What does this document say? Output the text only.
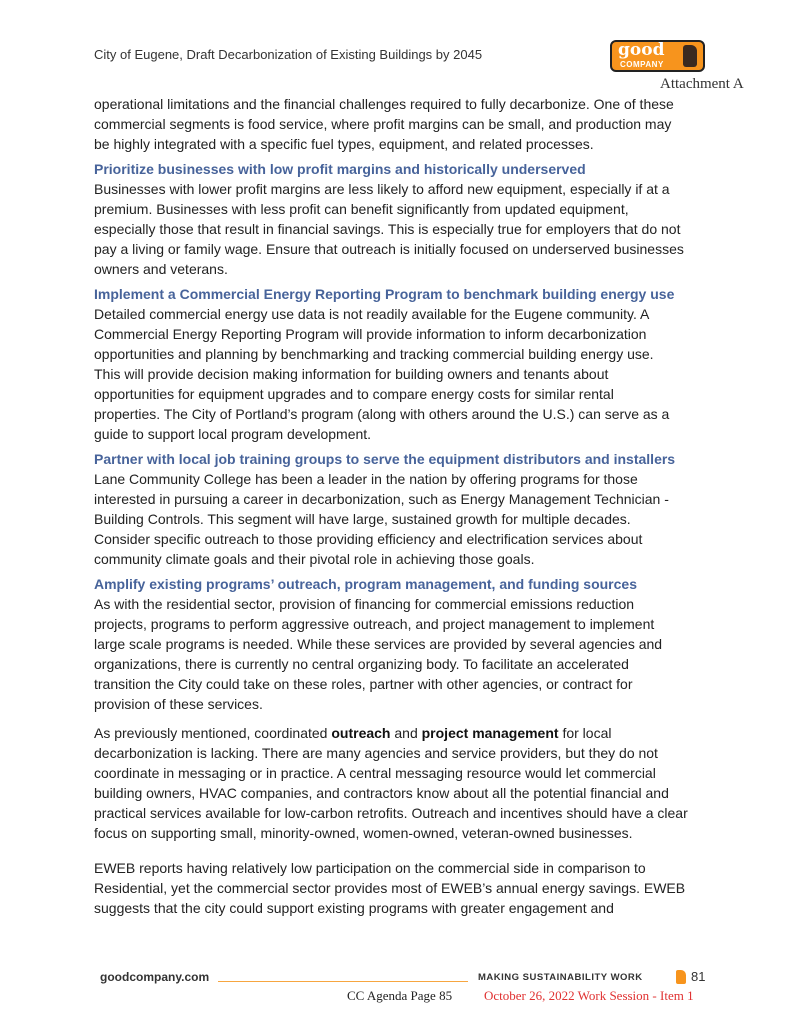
City of Eugene, Draft Decarbonization of Existing Buildings by 2045	good
COMPANY
Attachment A
operational limitations and the financial challenges required to fully decarbonize. One of these
commercial segments is food service, where profit margins can be small, and production may
be highly integrated with a specific fuel types, equipment, and related processes.
Prioritize businesses with low profit margins and historically underserved
Businesses with lower profit margins are less likely to afford new equipment, especially if at a
premium. Businesses with less profit can benefit significantly from updated equipment,
especially those that result in financial savings. This is especially true for employers that do not
pay a living or family wage. Ensure that outreach is initially focused on underserved businesses
owners and veterans.
Implement a Commercial Energy Reporting Program to benchmark building energy use
Detailed commercial energy use data is not readily available for the Eugene community. A
Commercial Energy Reporting Program will provide information to inform decarbonization
opportunities and planning by benchmarking and tracking commercial building energy use.
This will provide decision making information for building owners and tenants about
opportunities for equipment upgrades and to compare energy costs for similar rental
properties. The City of Portland’s program (along with others around the U.S.) can serve as a
guide to support local program development.
Partner with local job training groups to serve the equipment distributors and installers
Lane Community College has been a leader in the nation by offering programs for those
interested in pursuing a career in decarbonization, such as Energy Management Technician -
Building Controls. This segment will have large, sustained growth for multiple decades.
Consider specific outreach to those providing efficiency and electrification services about
community climate goals and their pivotal role in achieving those goals.
Amplify existing programs’ outreach, program management, and funding sources
As with the residential sector, provision of financing for commercial emissions reduction
projects, programs to perform aggressive outreach, and project management to implement
large scale programs is needed. While these services are provided by several agencies and
organizations, there is currently no central organizing body. To facilitate an accelerated
transition the City could take on these roles, partner with other agencies, or contract for
provision of these services.
As previously mentioned, coordinated outreach and project management for local
decarbonization is lacking. There are many agencies and service providers, but they do not
coordinate in messaging or in practice. A central messaging resource would let commercial
building owners, HVAC companies, and contractors know about all the potential financial and
practical services available for low-carbon retrofits. Outreach and incentives should have a clear
focus on supporting small, minority-owned, women-owned, veteran-owned businesses.
EWEB reports having relatively low participation on the commercial side in comparison to
Residential, yet the commercial sector provides most of EWEB’s annual energy savings. EWEB
suggests that the city could support existing programs with greater engagement and
goodcompany.com	MAKING SUSTAINABILITY WORK	81
CC Agenda Page 85 October 26, 2022 Work Session - Item 1
